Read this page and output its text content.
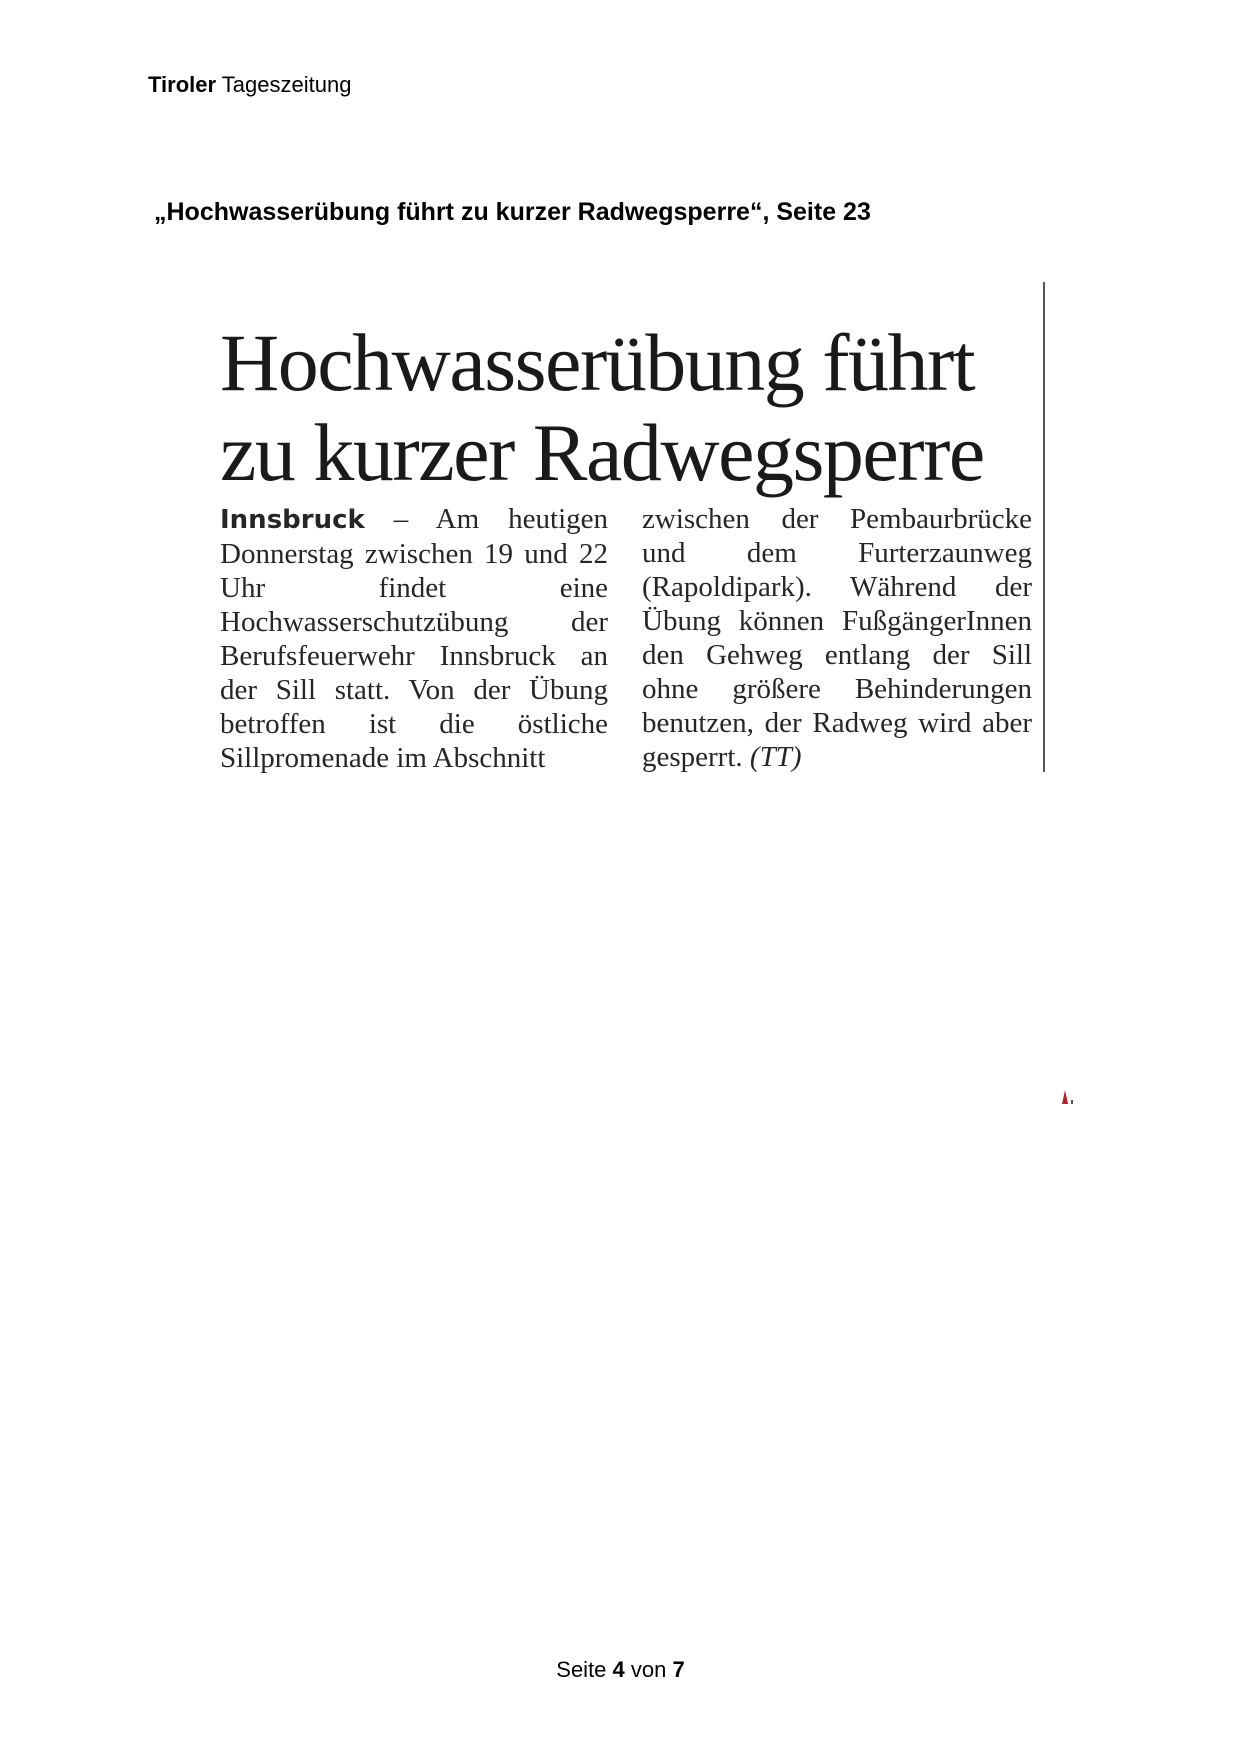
Tiroler Tageszeitung
„Hochwasserübung führt zu kurzer Radwegsperre“, Seite 23
Hochwasserübung führt
zu kurzer Radwegsperre
Innsbruck – Am heutigen Donnerstag zwischen 19 und 22 Uhr findet eine Hochwasserschutzübung der Berufsfeuerwehr Innsbruck an der Sill statt. Von der Übung betroffen ist die östliche Sillpromenade im Abschnitt
zwischen der Pembaurbrücke und dem Furterzaunweg (Rapoldipark). Während der Übung können FußgängerInnen den Gehweg entlang der Sill ohne größere Behinderungen benutzen, der Radweg wird aber gesperrt. (TT)
Seite 4 von 7
